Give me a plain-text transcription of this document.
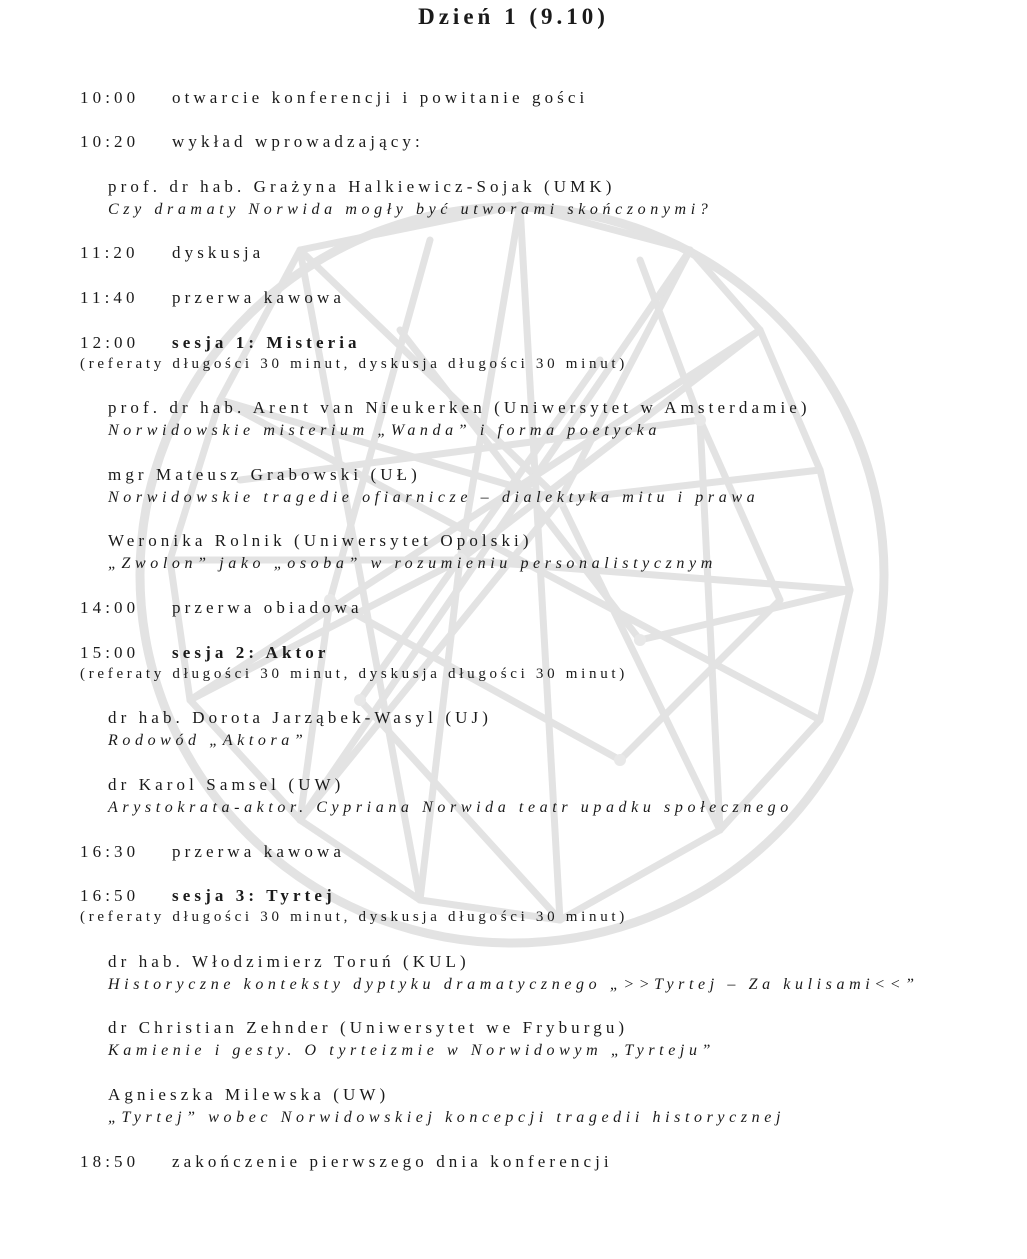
Dzień 1 (9.10)
10:00 otwarcie konferencji i powitanie gości
10:20 wykład wprowadzający:
prof. dr hab. Grażyna Halkiewicz-Sojak (UMK)
Czy dramaty Norwida mogły być utworami skończonymi?
11:20 dyskusja
11:40 przerwa kawowa
12:00 sesja 1: Misteria
(referaty długości 30 minut, dyskusja długości 30 minut)
prof. dr hab. Arent van Nieukerken (Uniwersytet w Amsterdamie)
Norwidowskie misterium „Wanda” i forma poetycka
mgr Mateusz Grabowski (UŁ)
Norwidowskie tragedie ofiarnicze – dialektyka mitu i prawa
Weronika Rolnik (Uniwersytet Opolski)
„Zwolon” jako „osoba” w rozumieniu personalistycznym
14:00 przerwa obiadowa
15:00 sesja 2: Aktor
(referaty długości 30 minut, dyskusja długości 30 minut)
dr hab. Dorota Jarząbek-Wasyl (UJ)
Rodowód „Aktora”
dr Karol Samsel (UW)
Arystokrata-aktor. Cypriana Norwida teatr upadku społecznego
16:30 przerwa kawowa
16:50 sesja 3: Tyrtej
(referaty długości 30 minut, dyskusja długości 30 minut)
dr hab. Włodzimierz Toruń (KUL)
Historyczne konteksty dyptyku dramatycznego „>>Tyrtej – Za kulisami<<”
dr Christian Zehnder (Uniwersytet we Fryburgu)
Kamienie i gesty. O tyrteizmie w Norwidowym „Tyrteju”
Agnieszka Milewska (UW)
„Tyrtej” wobec Norwidowskiej koncepcji tragedii historycznej
18:50 zakończenie pierwszego dnia konferencji
